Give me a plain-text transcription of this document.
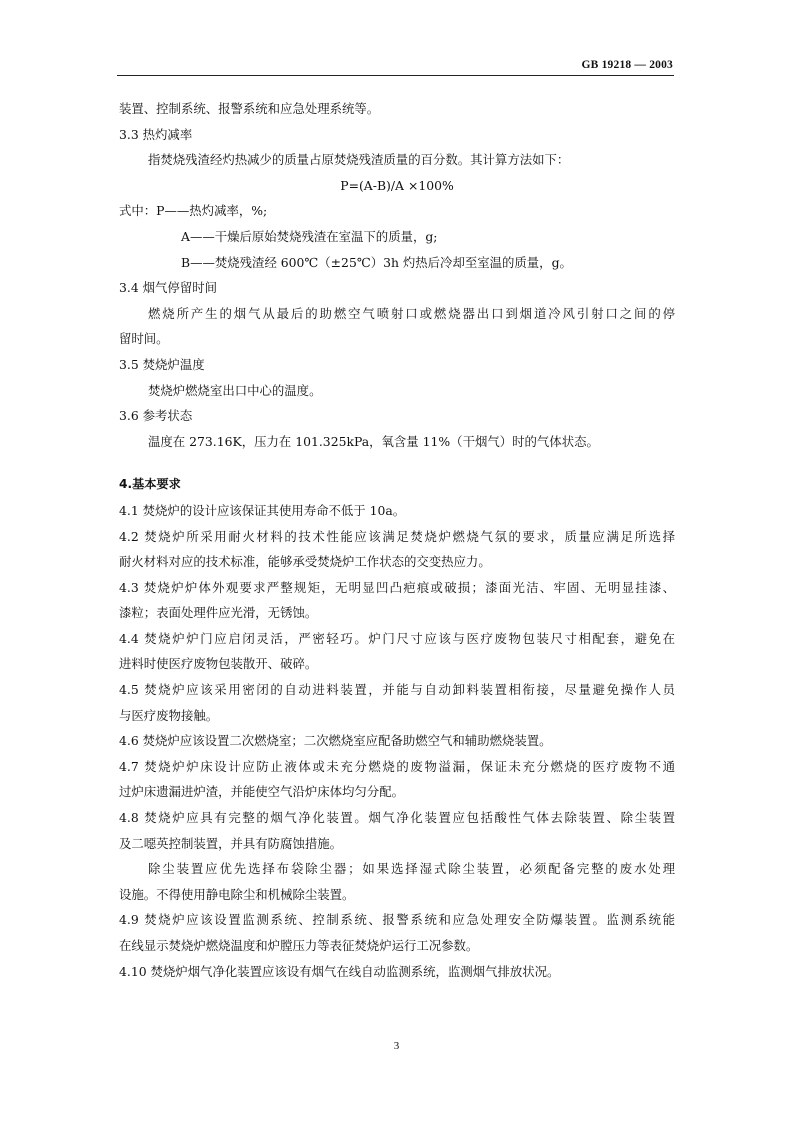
GB 19218 — 2003
装置、控制系统、报警系统和应急处理系统等。
3.3 热灼减率
指焚烧残渣经灼热减少的质量占原焚烧残渣质量的百分数。其计算方法如下：
P=(A-B)/A ×100%
式中：P——热灼减率，%;
A——干燥后原始焚烧残渣在室温下的质量，g;
B——焚烧残渣经 600℃（±25℃）3h 灼热后冷却至室温的质量，g。
3.4 烟气停留时间
燃烧所产生的烟气从最后的助燃空气喷射口或燃烧器出口到烟道冷风引射口之间的停
留时间。
3.5 焚烧炉温度
焚烧炉燃烧室出口中心的温度。
3.6 参考状态
温度在 273.16K，压力在 101.325kPa，氧含量 11%（干烟气）时的气体状态。
4.基本要求
4.1 焚烧炉的设计应该保证其使用寿命不低于 10a。
4.2 焚烧炉所采用耐火材料的技术性能应该满足焚烧炉燃烧气氛的要求，质量应满足所选择
耐火材料对应的技术标准，能够承受焚烧炉工作状态的交变热应力。
4.3 焚烧炉炉体外观要求严整规矩，无明显凹凸疤痕或破损；漆面光洁、牢固、无明显挂漆、
漆粒；表面处理件应光滑，无锈蚀。
4.4 焚烧炉炉门应启闭灵活，严密轻巧。炉门尺寸应该与医疗废物包装尺寸相配套，避免在
进料时使医疗废物包装散开、破碎。
4.5 焚烧炉应该采用密闭的自动进料装置，并能与自动卸料装置相衔接，尽量避免操作人员
与医疗废物接触。
4.6 焚烧炉应该设置二次燃烧室；二次燃烧室应配备助燃空气和辅助燃烧装置。
4.7 焚烧炉炉床设计应防止液体或未充分燃烧的废物溢漏，保证未充分燃烧的医疗废物不通
过炉床遗漏进炉渣，并能使空气沿炉床体均匀分配。
4.8 焚烧炉应具有完整的烟气净化装置。烟气净化装置应包括酸性气体去除装置、除尘装置
及二噁英控制装置，并具有防腐蚀措施。
除尘装置应优先选择布袋除尘器；如果选择湿式除尘装置，必须配备完整的废水处理
设施。不得使用静电除尘和机械除尘装置。
4.9 焚烧炉应该设置监测系统、控制系统、报警系统和应急处理安全防爆装置。监测系统能
在线显示焚烧炉燃烧温度和炉膛压力等表征焚烧炉运行工况参数。
4.10 焚烧炉烟气净化装置应该设有烟气在线自动监测系统，监测烟气排放状况。
3
